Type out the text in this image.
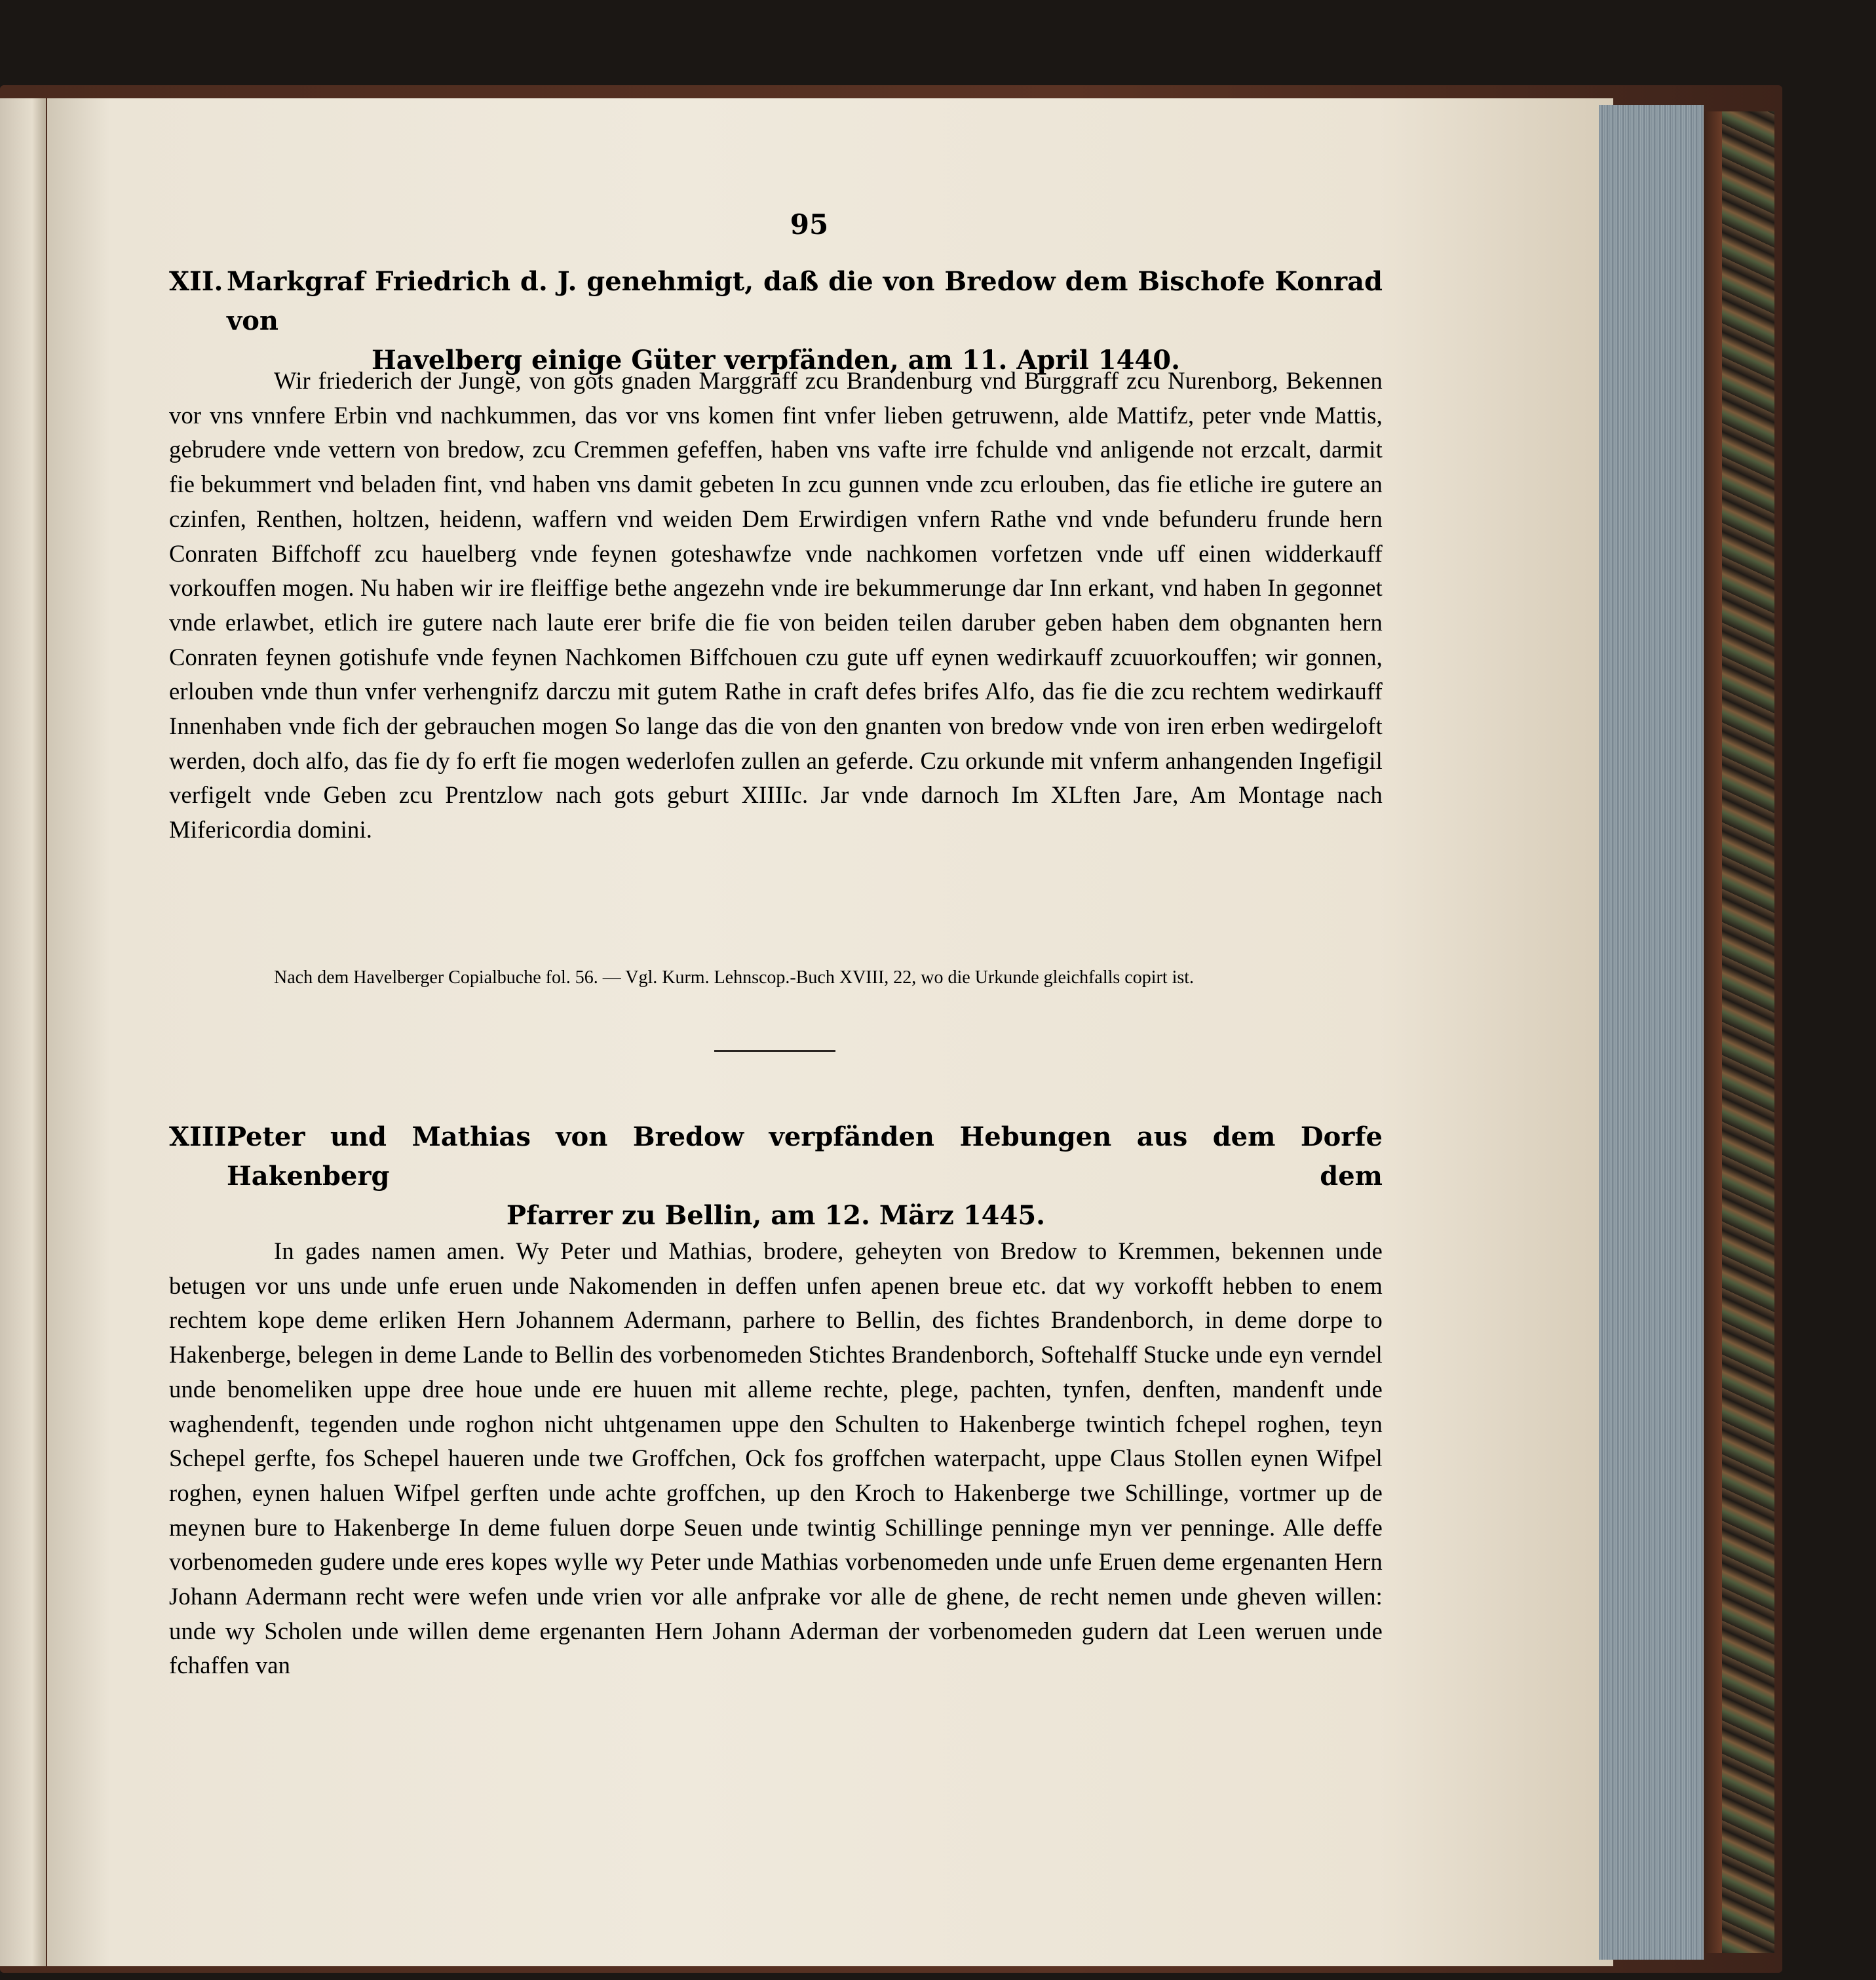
95
XII. Markgraf Friedrich d. J. genehmigt, daß die von Bredow dem Bischofe Konrad von
Havelberg einige Güter verpfänden, am 11. April 1440.
Wir friederich der Junge, von gots gnaden Marggraff zcu Brandenburg vnd Burggraff zcu Nurenborg, Bekennen vor vns vnnfere Erbin vnd nachkummen, das vor vns komen fint vnfer lieben getruwenn, alde Mattifz, peter vnde Mattis, gebrudere vnde vettern von bredow, zcu Cremmen gefeffen, haben vns vafte irre fchulde vnd anligende not erzcalt, darmit fie bekummert vnd beladen fint, vnd haben vns damit gebeten In zcu gunnen vnde zcu erlouben, das fie etliche ire gutere an czinfen, Renthen, holtzen, heidenn, waffern vnd weiden Dem Erwirdigen vnfern Rathe vnd vnde befunderu frunde hern Conraten Biffchoff zcu hauelberg vnde feynen goteshawfze vnde nachkomen vorfetzen vnde uff einen widderkauff vorkouffen mogen. Nu haben wir ire fleiffige bethe angezehn vnde ire bekummerunge dar Inn erkant, vnd haben In gegonnet vnde erlawbet, etlich ire gutere nach laute erer brife die fie von beiden teilen daruber geben haben dem obgnanten hern Conraten feynen gotishufe vnde feynen Nachkomen Biffchouen czu gute uff eynen wedirkauff zcuuorkouffen; wir gonnen, erlouben vnde thun vnfer verhengnifz darczu mit gutem Rathe in craft defes brifes Alfo, das fie die zcu rechtem wedirkauff Innenhaben vnde fich der gebrauchen mogen So lange das die von den gnanten von bredow vnde von iren erben wedirgeloft werden, doch alfo, das fie dy fo erft fie mogen wederlofen zullen an geferde. Czu orkunde mit vnferm anhangenden Ingefigil verfigelt vnde Geben zcu Prentzlow nach gots geburt XIIIIc. Jar vnde darnoch Im XLften Jare, Am Montage nach Mifericordia domini.
Nach dem Havelberger Copialbuche fol. 56. — Vgl. Kurm. Lehnscop.-Buch XVIII, 22, wo die Urkunde gleichfalls copirt ist.
XIII.
Peter und Mathias von Bredow verpfänden Hebungen aus dem Dorfe Hakenberg dem
Pfarrer zu Bellin, am 12. März 1445.
In gades namen amen. Wy Peter und Mathias, brodere, geheyten von Bredow to Kremmen, bekennen unde betugen vor uns unde unfe eruen unde Nakomenden in deffen unfen apenen breue etc. dat wy vorkofft hebben to enem rechtem kope deme erliken Hern Johannem Adermann, parhere to Bellin, des fichtes Brandenborch, in deme dorpe to Hakenberge, belegen in deme Lande to Bellin des vorbenomeden Stichtes Brandenborch, Softehalff Stucke unde eyn verndel unde benomeliken uppe dree houe unde ere huuen mit alleme rechte, plege, pachten, tynfen, denften, mandenft unde waghendenft, tegenden unde roghon nicht uhtgenamen uppe den Schulten to Hakenberge twintich fchepel roghen, teyn Schepel gerfte, fos Schepel haueren unde twe Groffchen, Ock fos groffchen waterpacht, uppe Claus Stollen eynen Wifpel roghen, eynen haluen Wifpel gerften unde achte groffchen, up den Kroch to Hakenberge twe Schillinge, vortmer up de meynen bure to Hakenberge In deme fuluen dorpe Seuen unde twintig Schillinge penninge myn ver penninge. Alle deffe vorbenomeden gudere unde eres kopes wylle wy Peter unde Mathias vorbenomeden unde unfe Eruen deme ergenanten Hern Johann Adermann recht were wefen unde vrien vor alle anfprake vor alle de ghene, de recht nemen unde gheven willen: unde wy Scholen unde willen deme ergenanten Hern Johann Aderman der vorbenomeden gudern dat Leen weruen unde fchaffen van
